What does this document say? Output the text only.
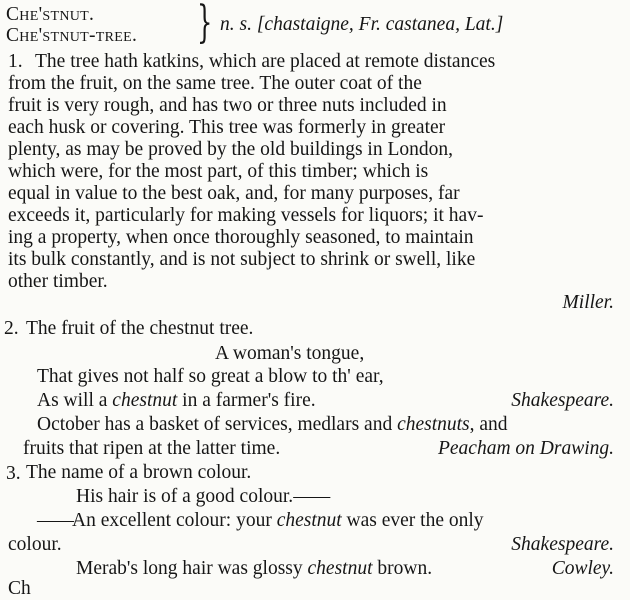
Che'stnut.
Che'stnut-tree. } n. s. [chastaigne, Fr. castanea, Lat.]
1. The tree hath katkins, which are placed at remote distances
from the fruit, on the same tree. The outer coat of the
fruit is very rough, and has two or three nuts included in
each husk or covering. This tree was formerly in greater
plenty, as may be proved by the old buildings in London,
which were, for the most part, of this timber; which is
equal in value to the best oak, and, for many purposes, far
exceeds it, particularly for making vessels for liquors; it hav-
ing a property, when once thoroughly seasoned, to maintain
its bulk constantly, and is not subject to shrink or swell, like
other timber.
Miller.
2. The fruit of the chestnut tree.
A woman's tongue,
That gives not half so great a blow to th' ear,
As will a chestnut in a farmer's fire.	Shakespeare.
October has a basket of services, medlars and chestnuts, and
fruits that ripen at the latter time.	Peacham on Drawing.
3. The name of a brown colour.
His hair is of a good colour.——
——An excellent colour: your chestnut was ever the only
colour.	Shakespeare.
Merab's long hair was glossy chestnut brown.	Cowley.
Ch
